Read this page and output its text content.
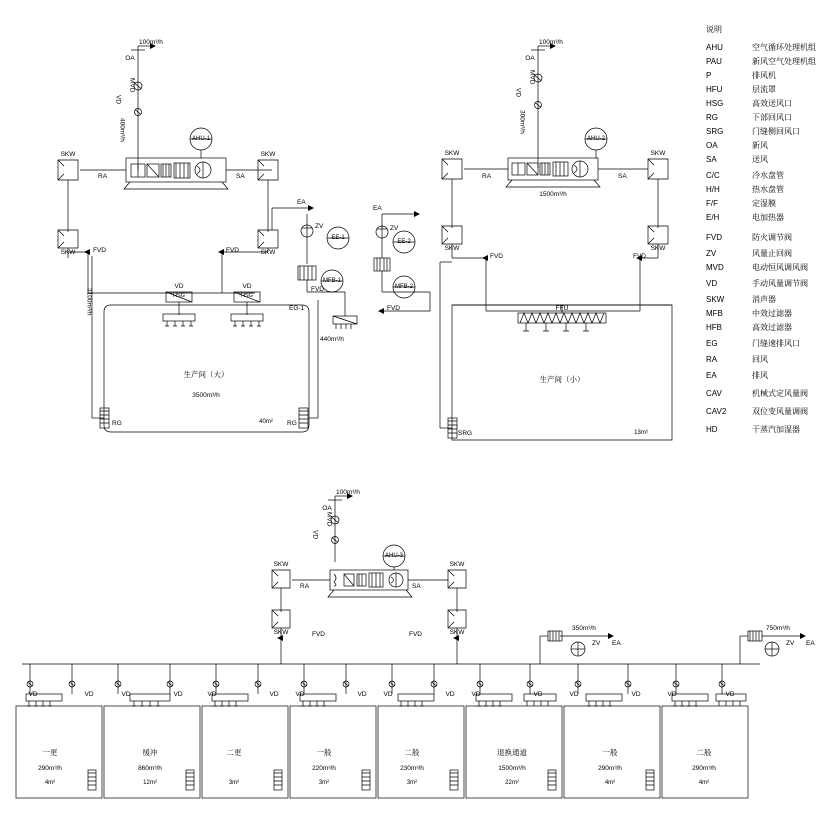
说明
AHU	空气循环处理机组
PAU	新风空气处理机组
P	排风机
HFU	层流罩
HSG	高效送风口
RG	下部回风口
SRG	门缝侧回风口
OA	新风
SA	送风
C/C	冷水盘管
H/H	热水盘管
F/F	定湿膜
E/H	电加热器
FVD	防火调节阀
ZV	风量止回阀
MVD	电动恒风调风阀
VD	手动风量调节阀
SKW	消声器
MFB	中效过滤器
HFB	高效过滤器
EG	门缝速排风口
RA	回风
EA	排风
CAV	机械式定风量阀
CAV2	双位变风量调阀
HD	干蒸汽加湿器
OA
100m³/h
MVD
VD
400m³/h	AHU-1
SKW	SKW
SKW	SKW
RA	SA
EA
EA
ZV	ZV
EE-1
MFB-1
EE-2
MFB-2
FVD	FVD
FVD
FVD
VD	VD
HSG	HSG
EG-1
440m³/h
生产间（大）
3500m³/h
40m²
RG	RG
3100m³/h
OA
100m³/h
MVD
VD
300m³/h
AHU-2
1500m³/h
SKW	SKW
SKW	SKW
RA	SA
FVD	FVD
FFU
生产间（小）
13m²
SRG
OA
100m³/h
MVD
VD
AHU-3
SKW	SKW
SKW	SKW
RA	SA
FVD	FVD
350m³/h
ZV EA
750m³/h
ZV EA
VD	VD	VD	VD	VD	VD	VD	VD	VD	VD	VD	VD	VD	VD	VD	VD
一更
290m³/h
4m²
缓冲
860m³/h
12m²
二更
3m²
一般
220m³/h
3m²
二般
230m³/h
3m²
退换通道
1500m³/h
22m²
一般
290m³/h
4m²
二般
290m³/h
4m²
